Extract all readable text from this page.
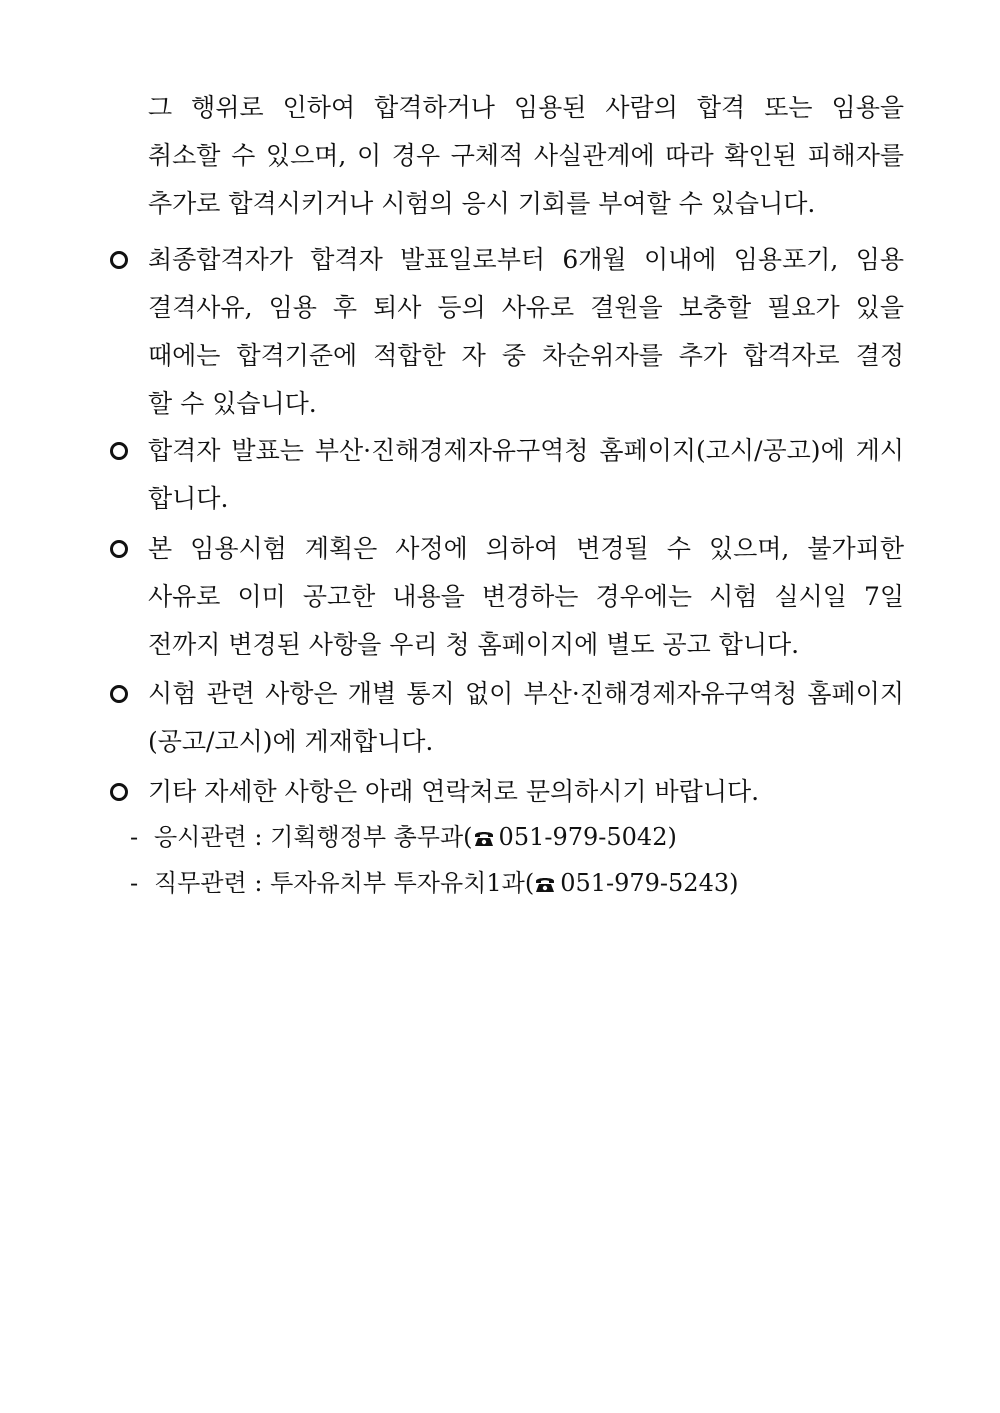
그 행위로 인하여 합격하거나 임용된 사람의 합격 또는 임용을
취소할 수 있으며, 이 경우 구체적 사실관계에 따라 확인된 피해자를
추가로 합격시키거나 시험의 응시 기회를 부여할 수 있습니다.
최종합격자가 합격자 발표일로부터 6개월 이내에 임용포기, 임용
결격사유, 임용 후 퇴사 등의 사유로 결원을 보충할 필요가 있을
때에는 합격기준에 적합한 자 중 차순위자를 추가 합격자로 결정
할 수 있습니다.
합격자 발표는 부산·진해경제자유구역청 홈페이지(고시/공고)에 게시
합니다.
본 임용시험 계획은 사정에 의하여 변경될 수 있으며, 불가피한
사유로 이미 공고한 내용을 변경하는 경우에는 시험 실시일 7일
전까지 변경된 사항을 우리 청 홈페이지에 별도 공고 합니다.
시험 관련 사항은 개별 통지 없이 부산·진해경제자유구역청 홈페이지
(공고/고시)에 게재합니다.
기타 자세한 사항은 아래 연락처로 문의하시기 바랍니다.
- 응시관련 : 기획행정부 총무과( 051-979-5042)
- 직무관련 : 투자유치부 투자유치1과( 051-979-5243)
